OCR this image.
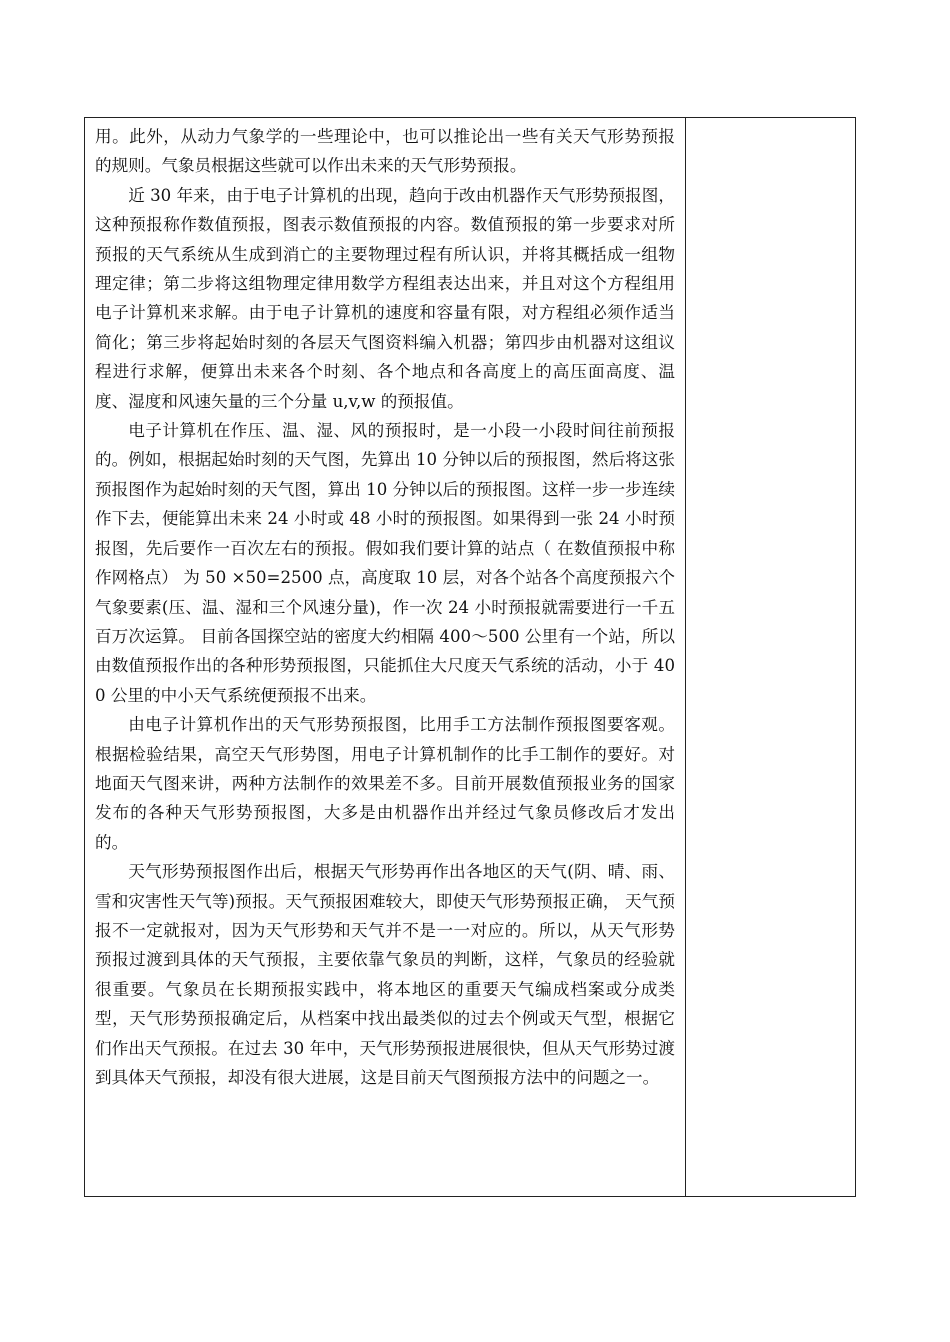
用。此外，从动力气象学的一些理论中，也可以推论出一些有关天气形势预报的规则。气象员根据这些就可以作出未来的天气形势预报。

近 30 年来，由于电子计算机的出现，趋向于改由机器作天气形势预报图，这种预报称作数值预报，图表示数值预报的内容。数值预报的第一步要求对所预报的天气系统从生成到消亡的主要物理过程有所认识，并将其概括成一组物理定律；第二步将这组物理定律用数学方程组表达出来，并且对这个方程组用电子计算机来求解。由于电子计算机的速度和容量有限，对方程组必须作适当简化；第三步将起始时刻的各层天气图资料编入机器；第四步由机器对这组议程进行求解，便算出未来各个时刻、各个地点和各高度上的高压面高度、温度、湿度和风速矢量的三个分量 u,v,w 的预报值。

电子计算机在作压、温、湿、风的预报时，是一小段一小段时间往前预报的。例如，根据起始时刻的天气图，先算出 10 分钟以后的预报图，然后将这张预报图作为起始时刻的天气图，算出 10 分钟以后的预报图。这样一步一步连续作下去，便能算出未来 24 小时或 48 小时的预报图。如果得到一张 24 小时预报图，先后要作一百次左右的预报。假如我们要计算的站点（ 在数值预报中称作网格点） 为 50 ×50=2500 点，高度取 10 层，对各个站各个高度预报六个气象要素(压、温、湿和三个风速分量)，作一次 24 小时预报就需要进行一千五百万次运算。 目前各国探空站的密度大约相隔 400～500 公里有一个站，所以由数值预报作出的各种形势预报图，只能抓住大尺度天气系统的活动，小于 400 公里的中小天气系统便预报不出来。

由电子计算机作出的天气形势预报图，比用手工方法制作预报图要客观。根据检验结果，高空天气形势图，用电子计算机制作的比手工制作的要好。对地面天气图来讲，两种方法制作的效果差不多。目前开展数值预报业务的国家发布的各种天气形势预报图，大多是由机器作出并经过气象员修改后才发出的。

天气形势预报图作出后，根据天气形势再作出各地区的天气(阴、晴、雨、 雪和灾害性天气等)预报。天气预报困难较大，即使天气形势预报正确， 天气预报不一定就报对，因为天气形势和天气并不是一一对应的。所以，从天气形势预报过渡到具体的天气预报，主要依靠气象员的判断，这样，气象员的经验就很重要。气象员在长期预报实践中，将本地区的重要天气编成档案或分成类型，天气形势预报确定后，从档案中找出最类似的过去个例或天气型，根据它们作出天气预报。在过去 30 年中，天气形势预报进展很快，但从天气形势过渡到具体天气预报，却没有很大进展，这是目前天气图预报方法中的问题之一。
